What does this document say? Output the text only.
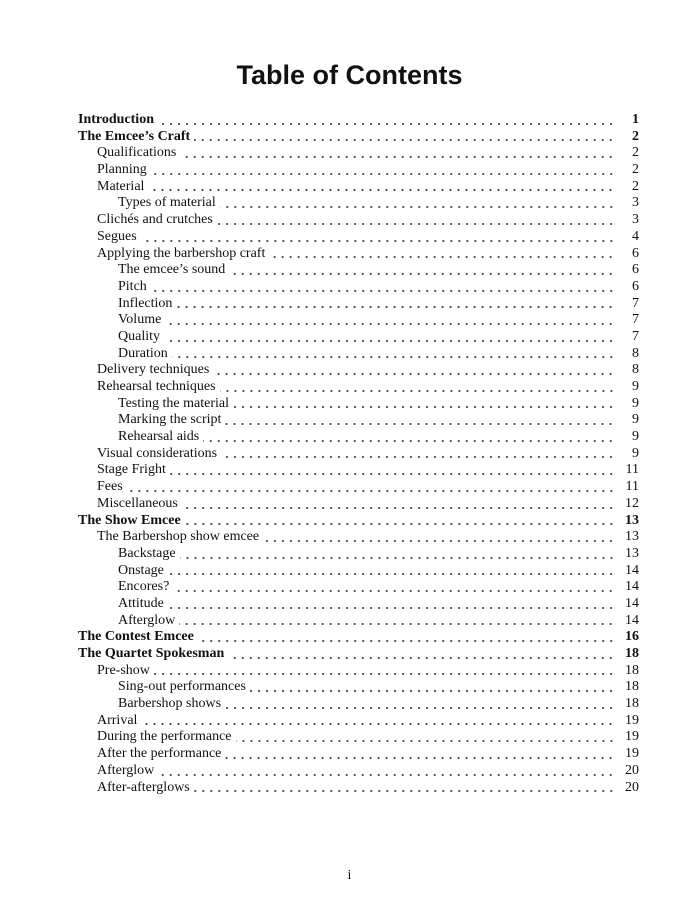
Table of Contents
Introduction	1
The Emcee’s Craft	2
Qualifications	2
Planning	2
Material	2
Types of material	3
Clichés and crutches	3
Segues	4
Applying the barbershop craft	6
The emcee’s sound	6
Pitch	6
Inflection	7
Volume	7
Quality	7
Duration	8
Delivery techniques	8
Rehearsal techniques	9
Testing the material	9
Marking the script	9
Rehearsal aids	9
Visual considerations	9
Stage Fright	11
Fees	11
Miscellaneous	12
The Show Emcee	13
The Barbershop show emcee	13
Backstage	13
Onstage	14
Encores?	14
Attitude	14
Afterglow	14
The Contest Emcee	16
The Quartet Spokesman	18
Pre-show	18
Sing-out performances	18
Barbershop shows	18
Arrival	19
During the performance	19
After the performance	19
Afterglow	20
After-afterglows	20
i
